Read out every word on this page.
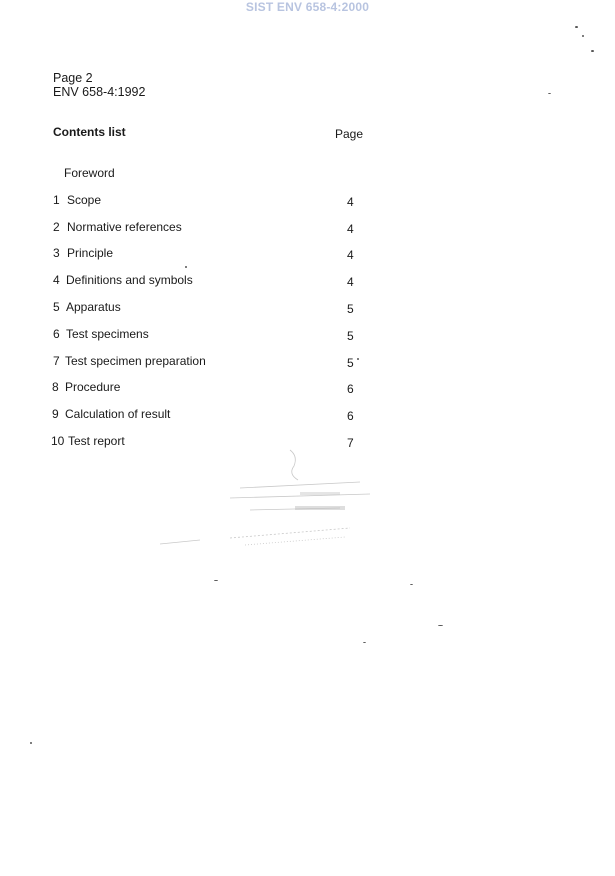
SIST ENV 658-4:2000
Page 2
ENV 658-4:1992
Contents list	Page
Foreword
1 Scope	4
2 Normative references	4
3 Principle	4
4 Definitions and symbols	4
5 Apparatus	5
6 Test specimens	5
7 Test specimen preparation	5
8 Procedure	6
9 Calculation of result	6
10 Test report	7
